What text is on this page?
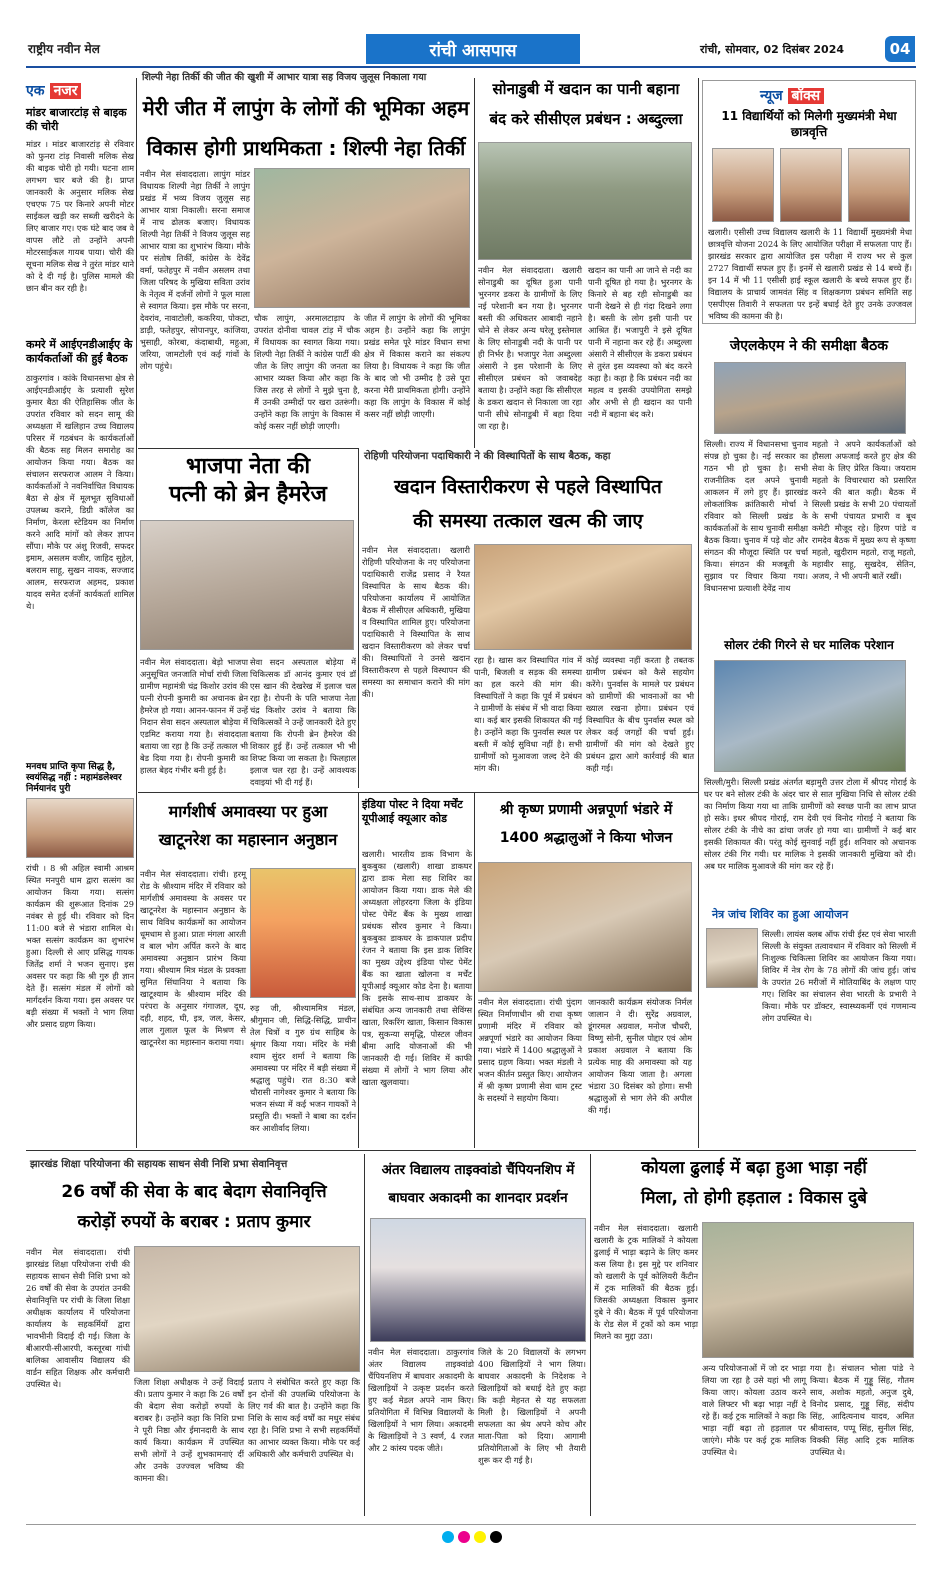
राष्ट्रीय नवीन मेल	रांची आसपास	रांची, सोमवार, 02 दिसंबर 2024	04
एक नजर
मांडर बाजारटांड़ से बाइक की चोरी
मांडर । मांडर बाजारटांड़ से रविवार को फुनरा टांड़ निवासी मलिक सेख की बाइक चोरी हो गयी। घटना शाम लगभग चार बजे की है। प्राप्त जानकारी के अनुसार मलिक सेख एचएफ 75 पर किनारे अपनी मोटर साईकल खड़ी कर सब्जी खरीदने के लिए बाजार गए। एक घंटे बाद जब वे वापस लौटे तो उन्होंने अपनी मोटरसाईकल गायब पाया। चोरी की सूचना मलिक सेख ने तुरंत मांडर थाने को दे दी गई है। पुलिस मामले की छान बीन कर रही है।
कमरे में आईएनडीआईए के कार्यकर्ताओं की हुई बैठक
ठाकुरगांव । कांके विधानसभा क्षेत्र से आईएनडीआईए के प्रत्याशी सुरेश कुमार बैठा की ऐतिहासिक जीत के उपरांत रविवार को सदन सामू की अध्यक्षता में खलिहान उच्च विद्यालय परिसर में गठबंधन के कार्यकर्ताओं की बैठक सह मिलन समारोह का आयोजन किया गया। बैठक का संचालन सरफराज आलम ने किया। कार्यकर्ताओं ने नवनिर्वाचित विधायक बैठा से क्षेत्र में मूलभूत सुविधाओं उपलब्ध कराने, डिग्री कॉलेज का निर्माण, केरला स्टेडियम का निर्माण करने आदि मांगों को लेकर ज्ञापन सौंपा। मौके पर अंशु रिजवी, सफदर इमाम, असलम वजीर, जाहिद सुहेल, बलराम साहू, सुखन नायक, सज्जाद आलम, सरफराज अहमद, प्रकाश यादव समेत दर्जनों कार्यकर्ता शामिल थे।
मनवध प्राप्ति कृपा सिद्ध है, स्वयंसिद्ध नहीं : महामंडलेश्वर निर्मयानंद पुरी
रांची । 8 श्री अहिल स्वामी आश्रम स्थित मनपुरी धाम द्वारा सत्संग का आयोजन किया गया। सत्संग कार्यक्रम की शुरूआत दिनांक 29 नवंबर से हुई थी। रविवार को दिन 11:00 बजे से भंडारा शामिल थे। भक्त सत्संग कार्यक्रम का शुभारंभ हुआ। दिल्ली से आए प्रसिद्ध गायक जितेंद्र शर्मा ने भजन सुनाए। इस अवसर पर कहा कि श्री गुरु ही ज्ञान देते हैं। सत्संग मंडल में लोगों को मार्गदर्शन किया गया। इस अवसर पर बड़ी संख्या में भक्तों ने भाग लिया और प्रसाद ग्रहण किया।
शिल्पी नेहा तिर्की की जीत की खुशी में आभार यात्रा सह विजय जुलूस निकाला गया
मेरी जीत में लापुंग के लोगों की भूमिका अहम
विकास होगी प्राथमिकता : शिल्पी नेहा तिर्की
नवीन मेल संवाददाता। लापुंग मांडर विधायक शिल्पी नेहा तिर्की ने लापुंग प्रखंड में भव्य विजय जुलूस सह आभार यात्रा निकाली। सरना समाज में नाच ढोलक बजाए। विधायक शिल्पी नेहा तिर्की ने विजय जुलूस सह आभार यात्रा का शुभारंभ किया। मौके पर संतोष तिर्की, कांग्रेस के देवेंद्र वर्मा, फतेहपुर में नवीन असलम तथा जिला परिषद के मुखिया सविता उरांव के नेतृत्व में दर्जनों लोगों ने फूल माला से स्वागत किया। इस मौके पर सरना, देवरांव, नावाटोली, ककरिया, पोकटा, डाड़ी, फतेहपुर, सोपानपुर, कांजिया, भुसाही, कोरबा, कंदाबाथी, महुआ, जरिया, जामटोली एवं कई गांवों के लोग पहुंचे।
चौक लापुंग, अरमालटाड़ाप के उपरांत दोनीवा चावल टांड़ में चौक में विधायक का स्वागत किया गया। शिल्पी नेहा तिर्की ने कांग्रेस पार्टी की जीत के लिए लापुंग की जनता का आभार व्यक्त किया और कहा कि जिस तरह से लोगों ने मुझे चुना है, मैं उनकी उम्मीदों पर खरा उतरूंगी। उन्होंने कहा कि लापुंग के विकास में कोई कसर नहीं छोड़ी जाएगी।
जीत में लापुंग के लोगों की भूमिका अहम है। उन्होंने कहा कि लापुंग प्रखंड समेत पूरे मांडर विधान सभा क्षेत्र में विकास कराने का संकल्प लिया है। विधायक ने कहा कि जीत के बाद जो भी उम्मीद है उसे पूरा करना मेरी प्राथमिकता होगी। उन्होंने कहा कि लापुंग के विकास में कोई कसर नहीं छोड़ी जाएगी।
सोनाडुबी में खदान का पानी बहाना
बंद करे सीसीएल प्रबंधन : अब्दुल्ला
नवीन मेल संवाददाता। खलारी सोनाडुबी का दूषित हुआ पानी भुरनगर डकरा के ग्रामीणों के लिए नई परेशानी बन गया है। भुरनगर बस्ती की अधिकतर आबादी नहाने धोने से लेकर अन्य घरेलू इस्तेमाल के लिए सोनाडुबी नदी के पानी पर ही निर्भर है। भजापुर नेता अब्दुल्ला अंसारी ने इस परेशानी के लिए सीसीएल प्रबंधन को जवाबदेह बताया है। उन्होंने कहा कि सीसीएल के डकरा खदान से निकाला जा रहा पानी सीधे सोनाडुबी में बहा दिया जा रहा है।
खदान का पानी आ जाने से नदी का पानी दूषित हो गया है। भुरनगर के किनारे से बह रही सोनाडुबी का पानी देखने से ही गंदा दिखने लगा है। बस्ती के लोग इसी पानी पर आश्रित हैं। भजापुरी ने इसे दूषित पानी में नहाना कर रहे हैं। अब्दुल्ला अंसारी ने सीसीएल के डकरा प्रबंधन से तुरंत इस व्यवस्था को बंद करने कहा है। कहा है कि प्रबंधन नदी का महत्व व इसकी उपयोगिता समझे और अभी से ही खदान का पानी नदी में बहाना बंद करे।
न्यूज बॉक्स
11 विद्यार्थियों को मिलेगी मुख्यमंत्री मेधा छात्रवृत्ति
खलारी। एसीसी उच्च विद्यालय खलारी के 11 विद्यार्थी मुख्यमंत्री मेधा छात्रवृत्ति योजना 2024 के लिए आयोजित परीक्षा में सफलता पाए हैं। झारखंड सरकार द्वारा आयोजित इस परीक्षा में राज्य भर से कुल 2727 विद्यार्थी सफल हुए हैं। इनमें से खलारी प्रखंड से 14 बच्चे हैं। इन 14 में भी 11 एसीसी हाई स्कूल खलारी के बच्चे सफल हुए हैं। विद्यालय के प्राचार्य जामवंत सिंह व शिक्षकगण प्रबंधन समिति सह एसपीएस तिवारी ने सफलता पर इन्हें बधाई देते हुए उनके उज्जवल भविष्य की कामना की है।
जेएलकेएम ने की समीक्षा बैठक
सिल्ली। राज्य में विधानसभा चुनाव संपन्न हो चुका है। नई सरकार का गठन भी हो चुका है। सभी राजनीतिक दल अपने चुनावी आकलन में लगे हुए हैं। झारखंड लोकतांत्रिक क्रांतिकारी मोर्चा ने रविवार को सिल्ली प्रखंड के कार्यकर्ताओं के साथ चुनावी समीक्षा बैठक किया। चुनाव में पड़े वोट और संगठन की मौजूदा स्थिति पर चर्चा किया। संगठन की मजबूती के सुझाव पर विचार किया गया। विधानसभा प्रत्याशी देवेंद्र नाथ
महतो ने अपने कार्यकर्ताओं को हौसला अफजाई करते हुए क्षेत्र की सेवा के लिए प्रेरित किया। जयराम महतो के विचारधारा को प्रसारित करने की बात कही। बैठक में सिल्ली प्रखंड के सभी 20 पंचायतों के सभी पंचायत प्रभारी व बूथ कमेटी मौजूद रहे। हिरण पांडे व रामदेव बैठक में मुख्य रूप से कृष्णा महतो, खुदीराम महतो, राजू महतो, महावीर साहू, सुखदेव, सेतिन, अजय, ने भी अपनी बातें रखीं।
सोलर टंकी गिरने से घर मालिक परेशान
सिल्ली/मुरी। सिल्ली प्रखंड अंतर्गत बड़ामुरी उत्तर टोला में श्रीपद गोराई के घर पर बने सोलर टंकी के अंदर चार से सात मुखिया निधि से सोलर टंकी का निर्माण किया गया था ताकि ग्रामीणों को स्वच्छ पानी का लाभ प्राप्त हो सके। इधर श्रीपद गोराई, राम देवी एवं विनोद गोराई ने बताया कि सोलर टंकी के नीचे का ढांचा जर्जर हो गया था। ग्रामीणों ने कई बार इसकी शिकायत की। परंतु कोई सुनवाई नहीं हुई। शनिवार को अचानक सोलर टंकी गिर गयी। घर मालिक ने इसकी जानकारी मुखिया को दी। अब घर मालिक मुआवजे की मांग कर रहे हैं।
नेत्र जांच शिविर का हुआ आयोजन
सिल्ली। लायंस क्लब ऑफ रांची ईस्ट एवं सेवा भारती सिल्ली के संयुक्त तत्वावधान में रविवार को सिल्ली में निःशुल्क चिकित्सा शिविर का आयोजन किया गया। शिविर में नेत्र रोग के 78 लोगों की जांच हुई। जांच के उपरांत 26 मरीजों में मोतियाबिंद के लक्षण पाए गए। शिविर का संचालन सेवा भारती के प्रभारी ने किया। मौके पर डॉक्टर, स्वास्थ्यकर्मी एवं गणमान्य लोग उपस्थित थे।
भाजपा नेता की
पत्नी को ब्रेन हैमरेज
नवीन मेल संवाददाता। बेड़ो भाजपा अनुसूचित जनजाति मोर्चा रांची जिला ग्रामीण महामंत्री चंद्र किशोर उरांव की पत्नी रोपनी कुमारी का अचानक ब्रेन हैमरेज हो गया। आनन-फानन में उन्हें निदान सेवा सदन अस्पताल बोड़ेया में एडमिट कराया गया है। संवाददाता बताया जा रहा है कि उन्हें तत्काल भी बेड दिया गया है। रोपनी कुमारी का हालत बेहद गंभीर बनी हुई है।
सेवा सदन अस्पताल बोड़ेया में चिकित्सक डॉ आनंद कुमार एवं डॉ एस खान की देखरेख में इलाज चल रहा है। रोपनी के पति भाजपा नेता चंद्र किशोर उरांव ने बताया कि चिकित्सकों ने उन्हें जानकारी देते हुए बताया कि रोपनी ब्रेन हैमरेज की शिकार हुई हैं। उन्हें तत्काल भी भी शिफ्ट किया जा सकता है। फिलहाल इलाज चल रहा है। उन्हें आवश्यक दवाइयां भी दी गई हैं।
रोहिणी परियोजना पदाधिकारी ने की विस्थापितों के साथ बैठक, कहा
खदान विस्तारीकरण से पहले विस्थापित
की समस्या तत्काल खत्म की जाए
नवीन मेल संवाददाता। खलारी रोहिणी परियोजना के नए परियोजना पदाधिकारी राजेंद्र प्रसाद ने रैयत विस्थापित के साथ बैठक की। परियोजना कार्यालय में आयोजित बैठक में सीसीएल अधिकारी, मुखिया व विस्थापित शामिल हुए। परियोजना पदाधिकारी ने विस्थापित के साथ खदान विस्तारीकरण को लेकर चर्चा की। विस्थापितों ने उनसे खदान विस्तारीकरण से पहले विस्थापन की समस्या का समाधान कराने की मांग की।
रहा है। खास कर विस्थापित गांव में पानी, बिजली व सड़क की समस्या का हल करने की मांग की। विस्थापितों ने कहा कि पूर्व में प्रबंधन ने ग्रामीणों के संबंध में भी वादा किया था। कई बार इसकी शिकायत की गई है। उन्होंने कहा कि पुनर्वास स्थल पर बस्ती में कोई सुविधा नहीं है। सभी ग्रामीणों को मुआवजा जल्द देने की मांग की।
कोई व्यवस्था नहीं करता है तबतक ग्रामीण प्रबंधन को कैसे सहयोग करेंगे। पुनर्वास के मामले पर प्रबंधन को ग्रामीणों की भावनाओं का भी ख्याल रखना होगा। प्रबंधन एवं विस्थापित के बीच पुनर्वास स्थल को लेकर कई जगहों की चर्चा हुई। ग्रामीणों की मांग को देखते हुए प्रबंधन द्वारा आगे कार्रवाई की बात कही गई।
मार्गशीर्ष अमावस्या पर हुआ
खाटूनरेश का महास्नान अनुष्ठान
नवीन मेल संवाददाता। रांची। हरमू रोड के श्रीश्याम मंदिर में रविवार को मार्गशीर्ष अमावस्या के अवसर पर खाटूनरेश के महास्नान अनुष्ठान के साथ विविध कार्यक्रमों का आयोजन धूमधाम से हुआ। प्रातः मंगला आरती व बाल भोग अर्पित करने के बाद अमावस्या अनुष्ठान प्रारंभ किया गया। श्रीश्याम मित्र मंडल के प्रवक्ता सुमित सिंघानिया ने बताया कि खाटूश्याम के श्रीश्याम मंदिर की परंपरा के अनुसार गंगाजल, दूध, दही, शहद, घी, इत्र, जल, केसर, लाल गुलाल फूल के मिश्रण से खाटूनरेश का महास्नान कराया गया।
रुड़ जी, श्रीश्याममित्र मंडल, श्रीगुमान जी, सिद्धि-सिद्धि, प्राचीन तेल चित्रों व गुरु ग्रंथ साहिब के श्रृंगार किया गया। मंदिर के मंत्री श्याम सुंदर शर्मा ने बताया कि अमावस्या पर मंदिर में बड़ी संख्या में श्रद्धालु पहुंचे। रात 8:30 बजे चौरासी नागेश्वर कुमार ने बताया कि भजन संध्या में कई भजन गायकों ने प्रस्तुति दी। भक्तों ने बाबा का दर्शन कर आशीर्वाद लिया।
इंडिया पोस्ट ने दिया मर्चेंट यूपीआई क्यूआर कोड
खलारी। भारतीय डाक विभाग के बुकबुका (खलारी) शाखा डाकघर द्वारा डाक मेला सह शिविर का आयोजन किया गया। डाक मेले की अध्यक्षता लोहरदगा जिला के इंडिया पोस्ट पेमेंट बैंक के मुख्य शाखा प्रबंधक सौरव कुमार ने किया। बुकबुका डाकघर के डाकपाल प्रदीप रंजन ने बताया कि इस डाक शिविर का मुख्य उद्देश्य इंडिया पोस्ट पेमेंट बैंक का खाता खोलना व मर्चेंट यूपीआई क्यूआर कोड देना है। बताया कि इसके साथ-साथ डाकघर के संबंधित अन्य जानकारी तथा सेविंग्स खाता, रिकरिंग खाता, किसान विकास पत्र, सुकन्या समृद्धि, पोस्टल जीवन बीमा आदि योजनाओं की भी जानकारी दी गई। शिविर में काफी संख्या में लोगों ने भाग लिया और खाता खुलवाया।
श्री कृष्ण प्रणामी अन्नपूर्णा भंडारे में
1400 श्रद्धालुओं ने किया भोजन
नवीन मेल संवाददाता। रांची पुंदाग स्थित निर्माणाधीन श्री राधा कृष्ण प्रणामी मंदिर में रविवार को अन्नपूर्णा भंडारे का आयोजन किया गया। भंडारे में 1400 श्रद्धालुओं ने प्रसाद ग्रहण किया। भक्त मंडली ने भजन कीर्तन प्रस्तुत किए। आयोजन में श्री कृष्ण प्रणामी सेवा धाम ट्रस्ट के सदस्यों ने सहयोग किया।
जानकारी कार्यक्रम संयोजक निर्मल जालान ने दी। सुरेंद्र अग्रवाल, डूंगरमल अग्रवाल, मनोज चौधरी, विष्णु सोनी, सुनील पोद्दार एवं ओम प्रकाश अग्रवाल ने बताया कि प्रत्येक माह की अमावस्या को यह आयोजन किया जाता है। अगला भंडारा 30 दिसंबर को होगा। सभी श्रद्धालुओं से भाग लेने की अपील की गई।
झारखंड शिक्षा परियोजना की सहायक साधन सेवी निशि प्रभा सेवानिवृत्त
26 वर्षों की सेवा के बाद बेदाग सेवानिवृत्ति
करोड़ों रुपयों के बराबर : प्रताप कुमार
नवीन मेल संवाददाता। रांची झारखंड शिक्षा परियोजना रांची की सहायक साधन सेवी निशि प्रभा को 26 वर्षों की सेवा के उपरांत उनकी सेवानिवृत्ति पर रांची के जिला शिक्षा अधीक्षक कार्यालय में परियोजना कार्यालय के सहकर्मियों द्वारा भावभीनी विदाई दी गई। जिला के बीआरपी-सीआरपी, कस्तूरबा गांधी बालिका आवासीय विद्यालय की वार्डन सहित शिक्षक और कर्मचारी उपस्थित थे।	जिला शिक्षा अधीक्षक ने उन्हें विदाई की। प्रताप कुमार ने कहा कि 26 वर्षों की बेदाग सेवा करोड़ों रुपयों के बराबर है। उन्होंने कहा कि निशि प्रभा ने पूरी निष्ठा और ईमानदारी के साथ कार्य किया। कार्यक्रम में उपस्थित सभी लोगों ने उन्हें शुभकामनाएं दीं और उनके उज्ज्वल भविष्य की कामना की।
प्रताप ने संबोधित करते हुए कहा कि इन दोनों की उपलब्धि परियोजना के लिए गर्व की बात है। उन्होंने कहा कि निशि के साथ कई वर्षों का मधुर संबंध रहा है। निशि प्रभा ने सभी सहकर्मियों का आभार व्यक्त किया। मौके पर कई अधिकारी और कर्मचारी उपस्थित थे।
अंतर विद्यालय ताइक्वांडो चैंपियनशिप में
बाघवार अकादमी का शानदार प्रदर्शन
नवीन मेल संवाददाता। ठाकुरगांव अंतर विद्यालय ताइक्वांडो चैंपियनशिप में बाघवार अकादमी के खिलाड़ियों ने उत्कृष्ट प्रदर्शन करते हुए कई मेडल अपने नाम किए। प्रतियोगिता में विभिन्न विद्यालयों के खिलाड़ियों ने भाग लिया। अकादमी के खिलाड़ियों ने 3 स्वर्ण, 4 रजत और 2 कांस्य पदक जीते।
जिले के 20 विद्यालयों के लगभग 400 खिलाड़ियों ने भाग लिया। बाघवार अकादमी के निदेशक ने खिलाड़ियों को बधाई देते हुए कहा कि कड़ी मेहनत से यह सफलता मिली है। खिलाड़ियों ने अपनी सफलता का श्रेय अपने कोच और माता-पिता को दिया। आगामी प्रतियोगिताओं के लिए भी तैयारी शुरू कर दी गई है।
कोयला ढुलाई में बढ़ा हुआ भाड़ा नहीं
मिला, तो होगी हड़ताल : विकास दुबे
नवीन मेल संवाददाता। खलारी खलारी के ट्रक मालिकों ने कोयला ढुलाई में भाड़ा बढ़ाने के लिए कमर कस लिया है। इस मुद्दे पर शनिवार को खलारी के पूर्व कोलियरी कैंटीन में ट्रक मालिकों की बैठक हुई। जिसकी अध्यक्षता विकास कुमार दुबे ने की। बैठक में पूर्व परियोजना के रोड सेल में ट्रकों को कम भाड़ा मिलने का मुद्दा उठा।
अन्य परियोजनाओं में जो दर भाड़ा लिया जा रहा है उसे यहां भी लागू किया जाए। कोयला उठाव करने वाले लिफ्टर भी बढ़ा भाड़ा नहीं दे रहे हैं। कई ट्रक मालिकों ने कहा कि भाड़ा नहीं बढ़ा तो हड़ताल पर जाएंगे। मौके पर कई ट्रक मालिक उपस्थित थे।
गया है। संचालन भोला पांडे ने किया। बैठक में गुड्डू सिंह, गौतम साव, अशोक महतो, अनुज दुबे, विनोद प्रसाद, गुड्डू सिंह, संदीप सिंह, आदित्यनाथ यादव, अमित श्रीवास्तव, पप्पू सिंह, सुनील सिंह, विक्की सिंह आदि ट्रक मालिक उपस्थित थे।
